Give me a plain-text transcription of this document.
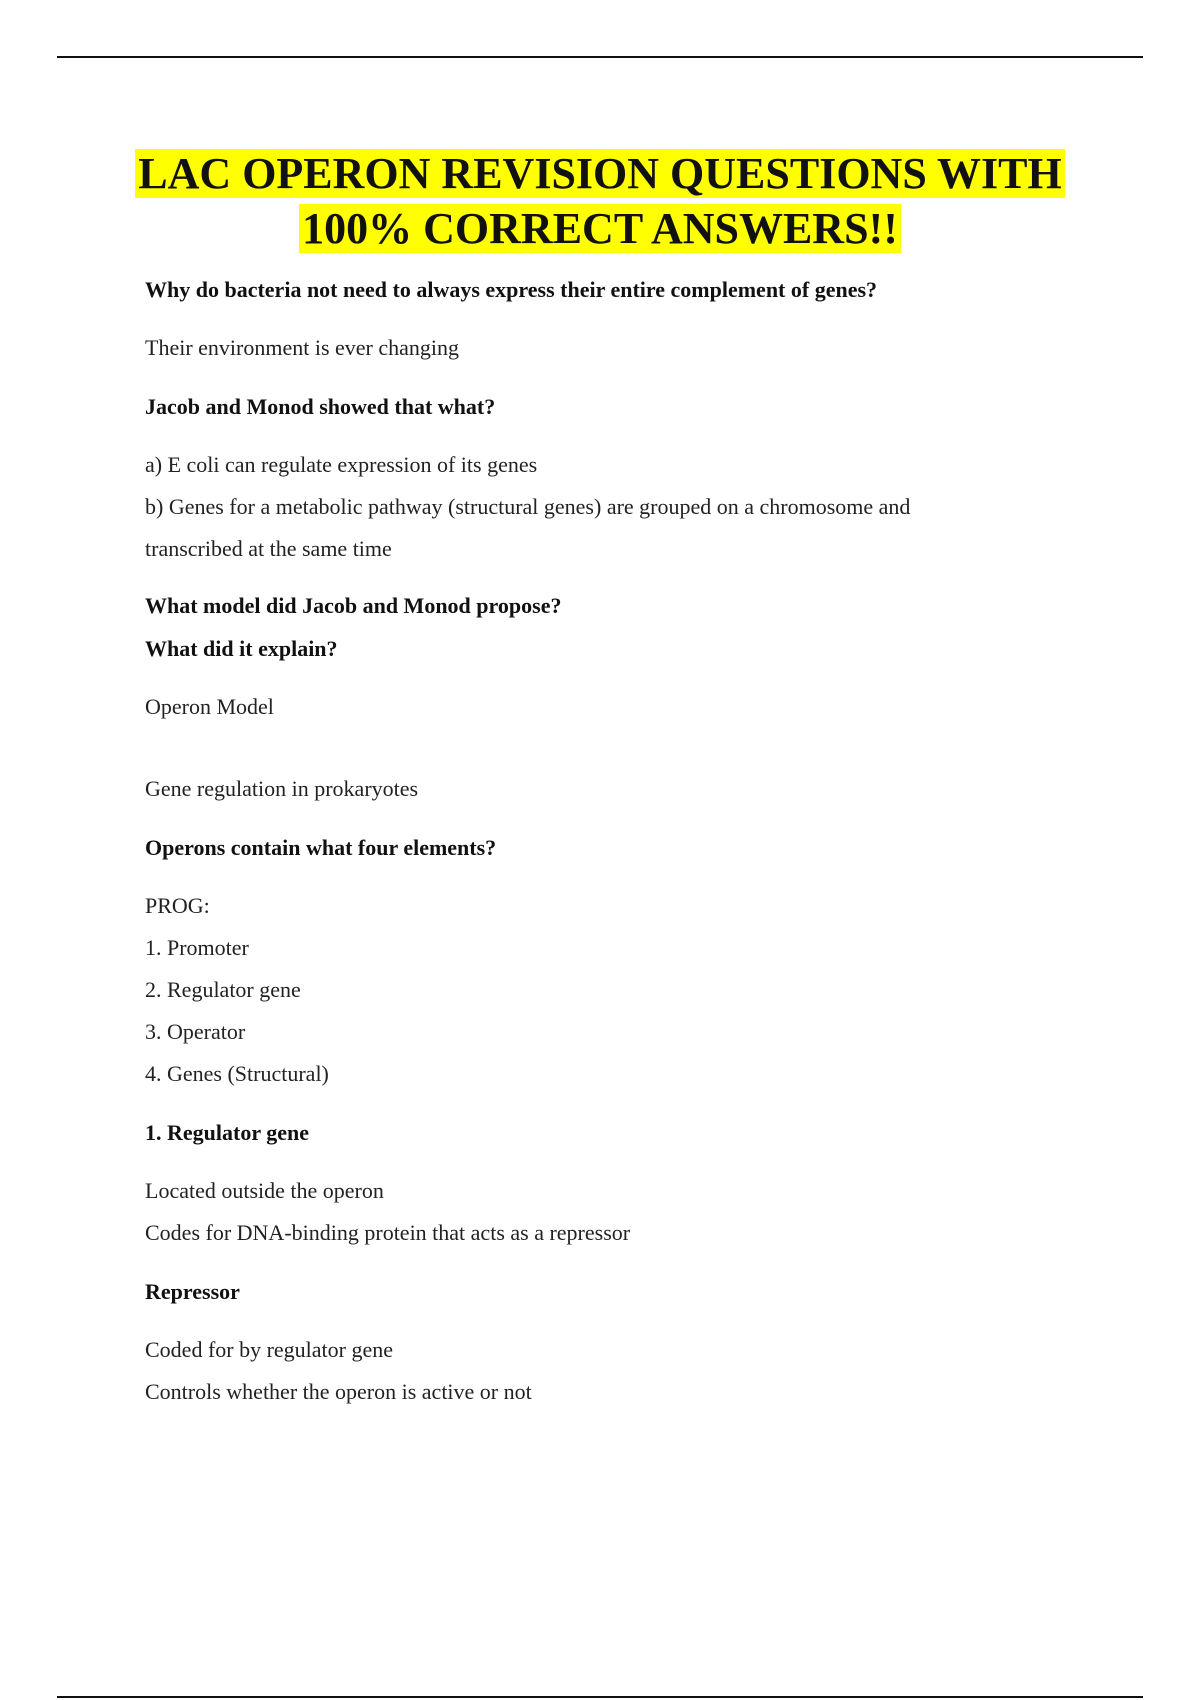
LAC OPERON REVISION QUESTIONS WITH
100% CORRECT ANSWERS!!

Why do bacteria not need to always express their entire complement of genes?

Their environment is ever changing

Jacob and Monod showed that what?

a) E coli can regulate expression of its genes

b) Genes for a metabolic pathway (structural genes) are grouped on a chromosome and

transcribed at the same time

What model did Jacob and Monod propose?

What did it explain?

Operon Model

Gene regulation in prokaryotes

Operons contain what four elements?

PROG:

1. Promoter

2. Regulator gene

3. Operator

4. Genes (Structural)

1. Regulator gene

Located outside the operon

Codes for DNA-binding protein that acts as a repressor

Repressor

Coded for by regulator gene

Controls whether the operon is active or not
